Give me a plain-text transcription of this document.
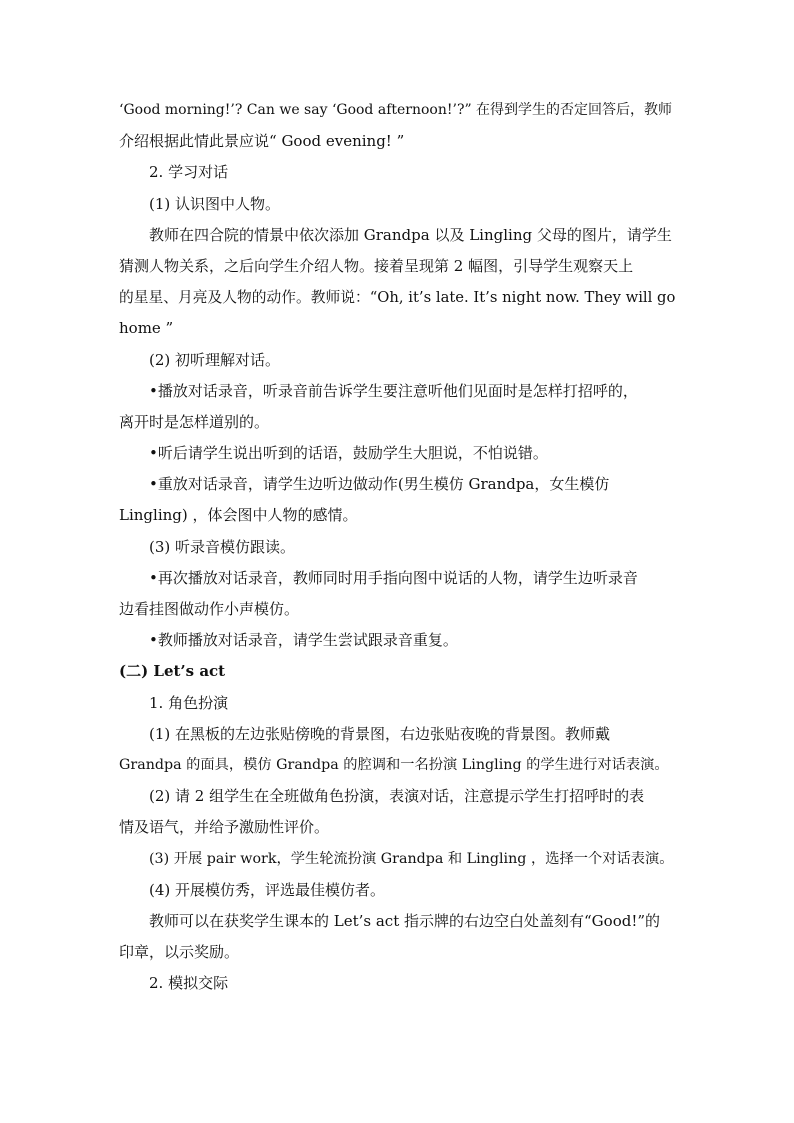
‘Good morning!’? Can we say ‘Good afternoon!’?” 在得到学生的否定回答后，教师
介绍根据此情此景应说“ Good evening! ”
2. 学习对话
(1) 认识图中人物。
教师在四合院的情景中依次添加 Grandpa 以及 Lingling 父母的图片，请学生
猜测人物关系，之后向学生介绍人物。接着呈现第 2 幅图，引导学生观察天上
的星星、月亮及人物的动作。教师说：“Oh, it’s late. It’s night now. They will go
home ”
(2) 初听理解对话。
•播放对话录音，听录音前告诉学生要注意听他们见面时是怎样打招呼的，
离开时是怎样道别的。
•听后请学生说出听到的话语，鼓励学生大胆说，不怕说错。
•重放对话录音，请学生边听边做动作(男生模仿 Grandpa，女生模仿
Lingling) ，体会图中人物的感情。
(3) 听录音模仿跟读。
•再次播放对话录音，教师同时用手指向图中说话的人物，请学生边听录音
边看挂图做动作小声模仿。
•教师播放对话录音，请学生尝试跟录音重复。
(二) Let’s act
1. 角色扮演
(1) 在黑板的左边张贴傍晚的背景图，右边张贴夜晚的背景图。教师戴
Grandpa 的面具，模仿 Grandpa 的腔调和一名扮演 Lingling 的学生进行对话表演。
(2) 请 2 组学生在全班做角色扮演，表演对话，注意提示学生打招呼时的表
情及语气，并给予激励性评价。
(3) 开展 pair work，学生轮流扮演 Grandpa 和 Lingling ，选择一个对话表演。
(4) 开展模仿秀，评选最佳模仿者。
教师可以在获奖学生课本的 Let’s act 指示牌的右边空白处盖刻有“Good!”的
印章，以示奖励。
2. 模拟交际
